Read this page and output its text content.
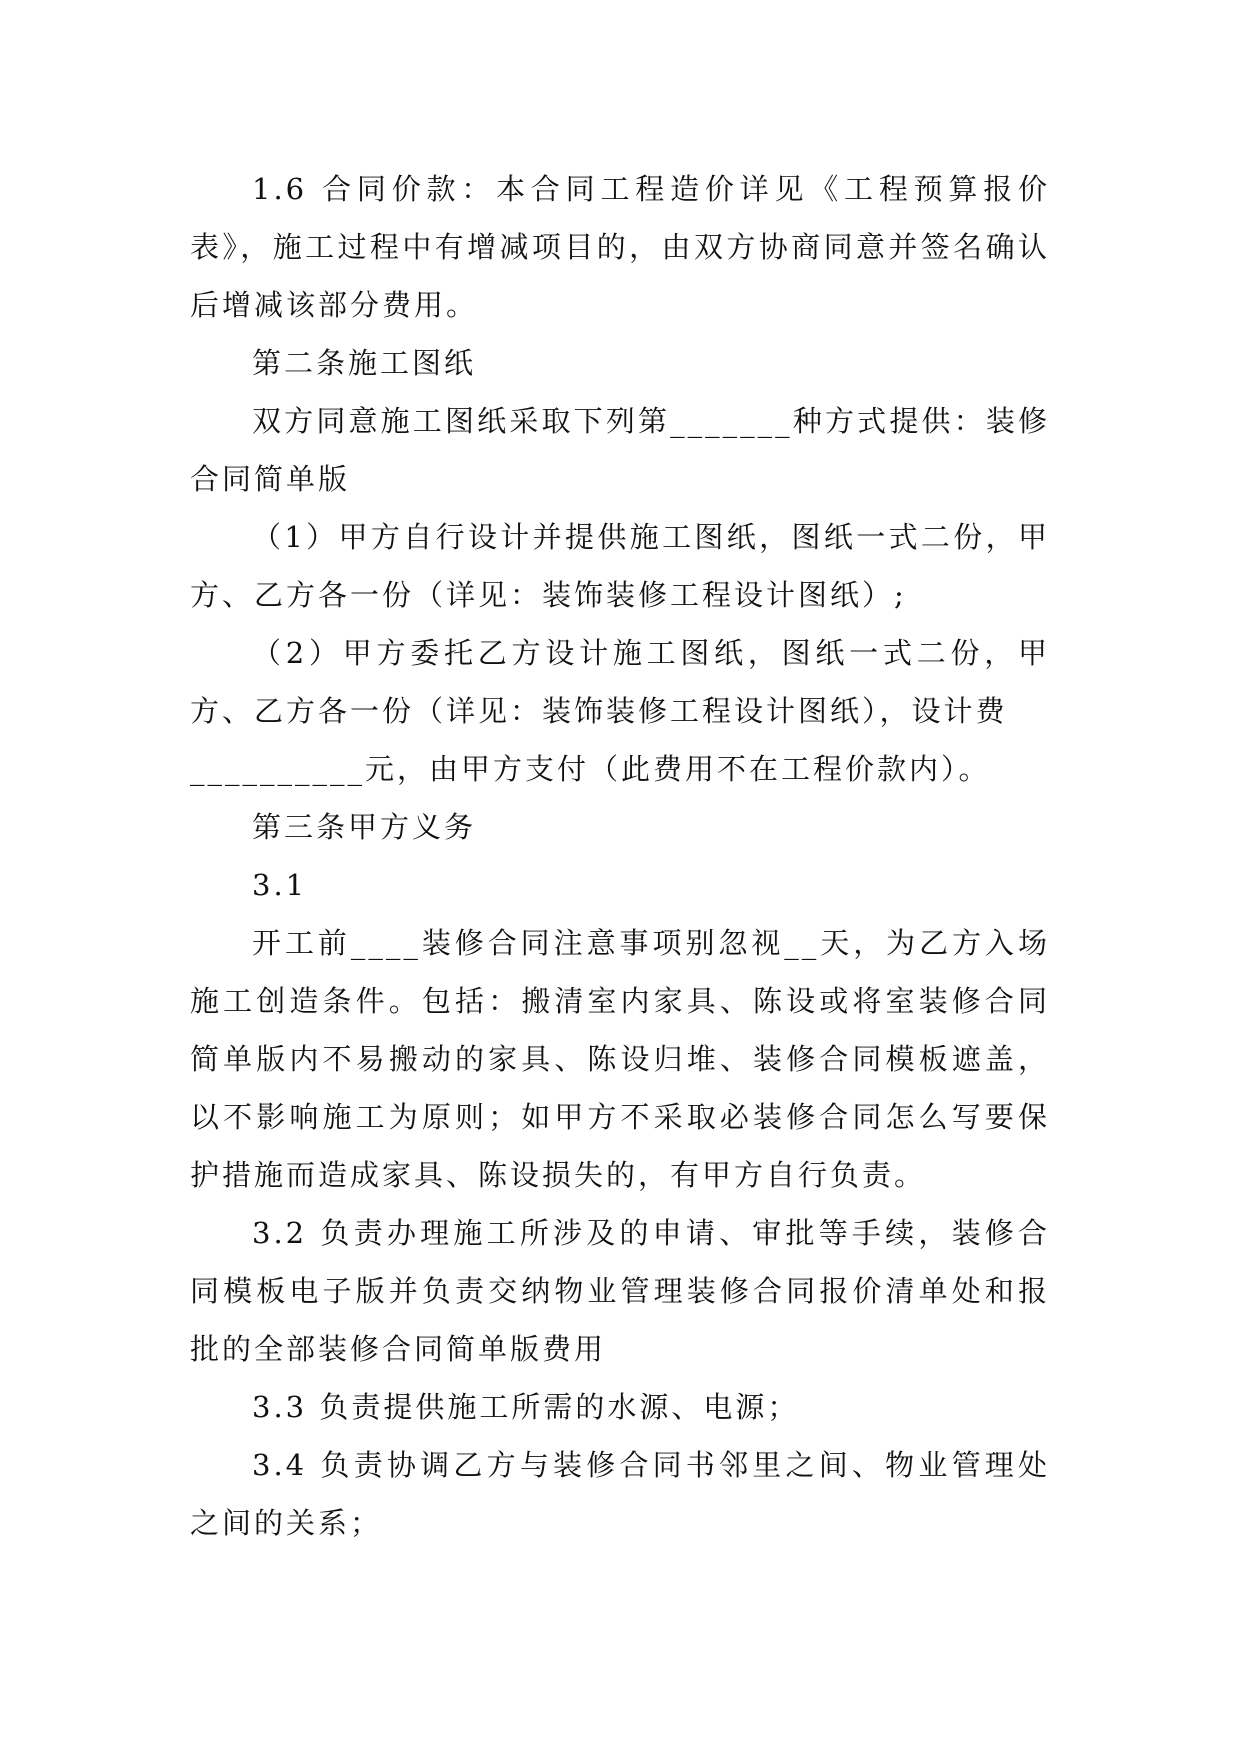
1.6 合同价款：本合同工程造价详见《工程预算报价表》，施工过程中有增减项目的，由双方协商同意并签名确认后增减该部分费用。

第二条施工图纸

双方同意施工图纸采取下列第_______种方式提供：装修合同简单版

（1）甲方自行设计并提供施工图纸，图纸一式二份，甲方、乙方各一份（详见：装饰装修工程设计图纸）;

（2）甲方委托乙方设计施工图纸，图纸一式二份，甲方、乙方各一份（详见：装饰装修工程设计图纸），设计费

__________元，由甲方支付（此费用不在工程价款内）。

第三条甲方义务

3.1

开工前____装修合同注意事项别忽视__天，为乙方入场施工创造条件。包括：搬清室内家具、陈设或将室装修合同简单版内不易搬动的家具、陈设归堆、装修合同模板遮盖，以不影响施工为原则；如甲方不采取必装修合同怎么写要保护措施而造成家具、陈设损失的，有甲方自行负责。

3.2 负责办理施工所涉及的申请、审批等手续，装修合同模板电子版并负责交纳物业管理装修合同报价清单处和报批的全部装修合同简单版费用

3.3 负责提供施工所需的水源、电源；

3.4 负责协调乙方与装修合同书邻里之间、物业管理处之间的关系；
